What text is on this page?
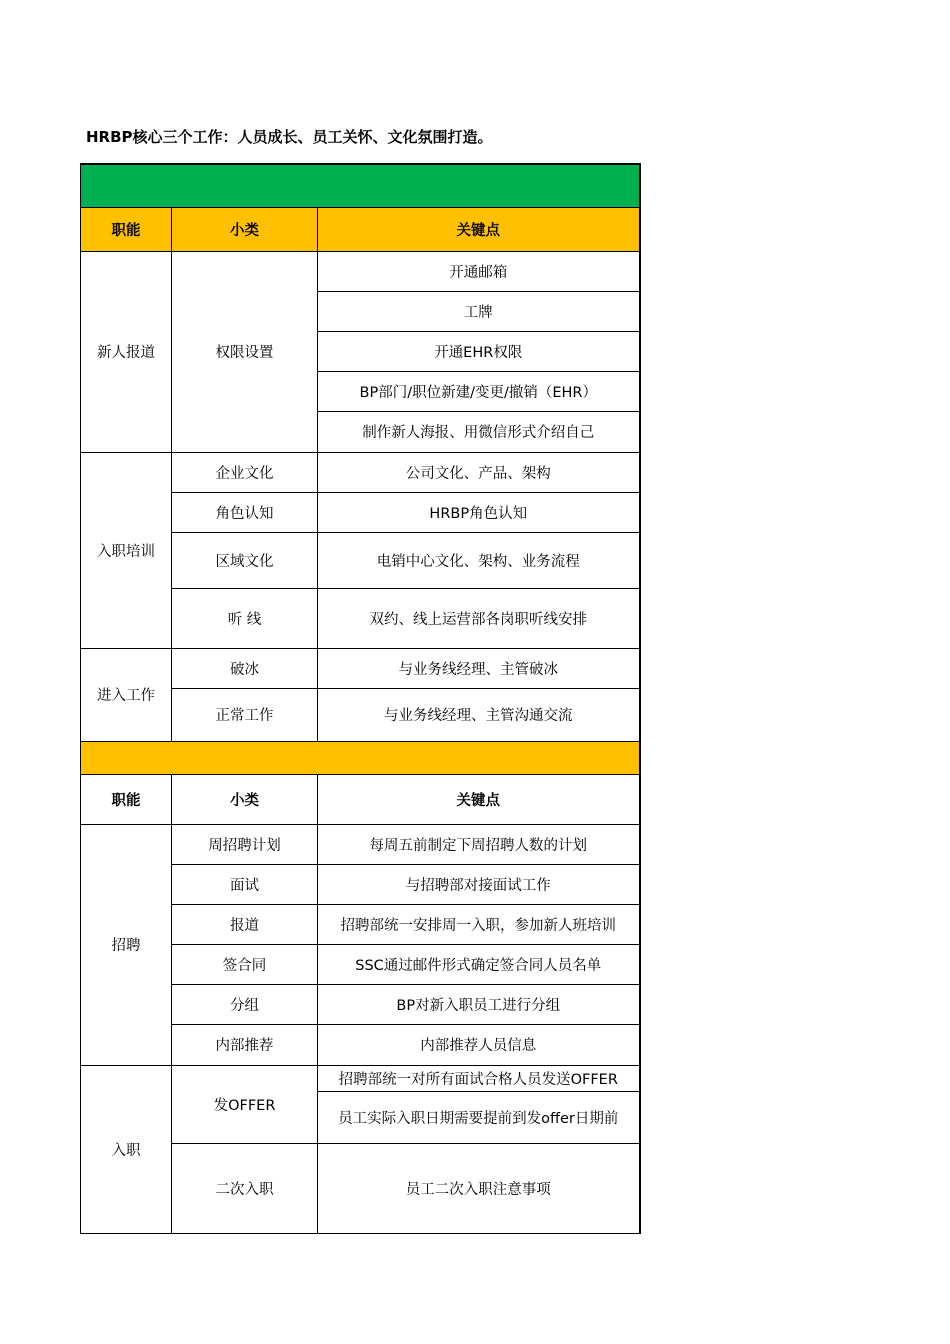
HRBP核心三个工作：人员成长、员工关怀、文化氛围打造。

职能	小类	关键点
新人报道	权限设置	开通邮箱
		工牌
		开通EHR权限
		BP部门/职位新建/变更/撤销（EHR）
		制作新人海报、用微信形式介绍自己
入职培训	企业文化	公司文化、产品、架构
	角色认知	HRBP角色认知
	区域文化	电销中心文化、架构、业务流程
	听 线	双约、线上运营部各岗职听线安排
进入工作	破冰	与业务线经理、主管破冰
	正常工作	与业务线经理、主管沟通交流

职能	小类	关键点
招聘	周招聘计划	每周五前制定下周招聘人数的计划
	面试	与招聘部对接面试工作
	报道	招聘部统一安排周一入职，参加新人班培训
	签合同	SSC通过邮件形式确定签合同人员名单
	分组	BP对新入职员工进行分组
	内部推荐	内部推荐人员信息
入职	发OFFER	招聘部统一对所有面试合格人员发送OFFER
		员工实际入职日期需要提前到发offer日期前
	二次入职	员工二次入职注意事项
